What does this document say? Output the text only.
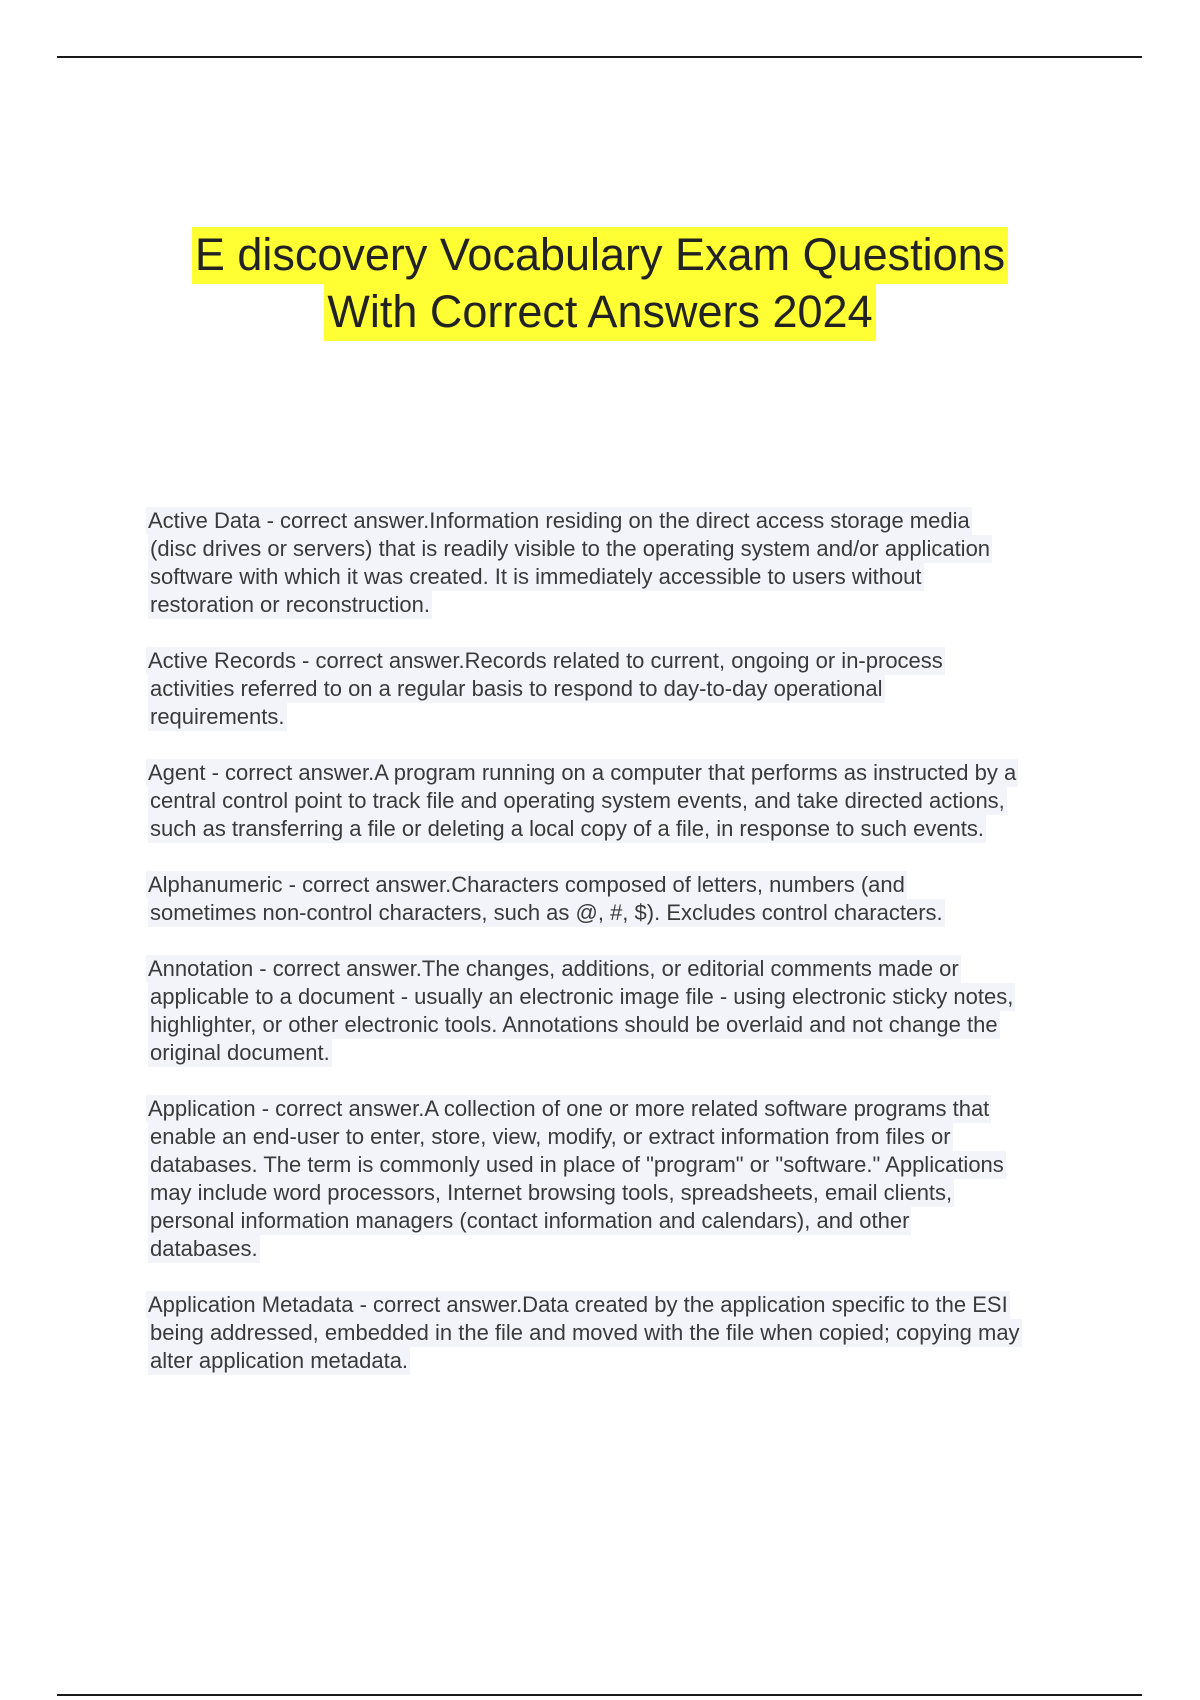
E discovery Vocabulary Exam Questions
With Correct Answers 2024
Active Data - correct answer.Information residing on the direct access storage media
(disc drives or servers) that is readily visible to the operating system and/or application
software with which it was created. It is immediately accessible to users without
restoration or reconstruction.
Active Records - correct answer.Records related to current, ongoing or in-process
activities referred to on a regular basis to respond to day-to-day operational
requirements.
Agent - correct answer.A program running on a computer that performs as instructed by a
central control point to track file and operating system events, and take directed actions,
such as transferring a file or deleting a local copy of a file, in response to such events.
Alphanumeric - correct answer.Characters composed of letters, numbers (and
sometimes non-control characters, such as @, #, $). Excludes control characters.
Annotation - correct answer.The changes, additions, or editorial comments made or
applicable to a document - usually an electronic image file - using electronic sticky notes,
highlighter, or other electronic tools. Annotations should be overlaid and not change the
original document.
Application - correct answer.A collection of one or more related software programs that
enable an end-user to enter, store, view, modify, or extract information from files or
databases. The term is commonly used in place of "program" or "software." Applications
may include word processors, Internet browsing tools, spreadsheets, email clients,
personal information managers (contact information and calendars), and other
databases.
Application Metadata - correct answer.Data created by the application specific to the ESI
being addressed, embedded in the file and moved with the file when copied; copying may
alter application metadata.
